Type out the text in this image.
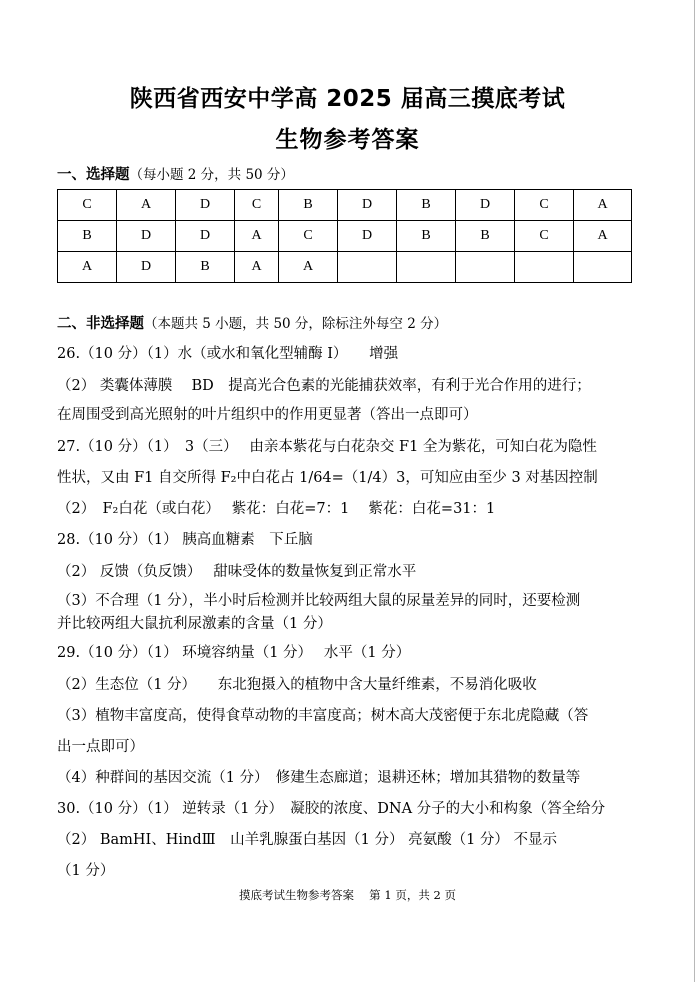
陕西省西安中学高 2025 届高三摸底考试
生物参考答案
一、选择题（每小题 2 分，共 50 分）
C	A	D	C	B	D	B	D	C	A
B	D	D	A	C	D	B	B	C	A
A	D	B	A	A					
二、非选择题（本题共 5 小题，共 50 分，除标注外每空 2 分）
26.（10 分）（1）水（或水和氧化型辅酶 I）　　增强
（2） 类囊体薄膜　 BD　提高光合色素的光能捕获效率，有利于光合作用的进行；
在周围受到高光照射的叶片组织中的作用更显著（答出一点即可）
27.（10 分）（1）　3（三）　 由亲本紫花与白花杂交 F1 全为紫花，可知白花为隐性
性状，又由 F1 自交所得 F₂中白花占 1/64=（1/4）3，可知应由至少 3 对基因控制
（2）　F₂白花（或白花）　 紫花：白花=7：1　 紫花：白花=31：1
28.（10 分）（1） 胰高血糖素　下丘脑
（2） 反馈（负反馈）　 甜味受体的数量恢复到正常水平
（3）不合理（1 分），半小时后检测并比较两组大鼠的尿量差异的同时，还要检测
并比较两组大鼠抗利尿激素的含量（1 分）
29.（10 分）（1） 环境容纳量（1 分）　 水平（1 分）
（2）生态位（1 分）　　东北狍摄入的植物中含大量纤维素，不易消化吸收
（3）植物丰富度高，使得食草动物的丰富度高；树木高大茂密便于东北虎隐藏（答
出一点即可）
（4）种群间的基因交流（1 分）　修建生态廊道；退耕还林；增加其猎物的数量等
30.（10 分）（1） 逆转录（1 分）　凝胶的浓度、DNA 分子的大小和构象（答全给分
（2） BamHⅠ、HindⅢ　山羊乳腺蛋白基因（1 分） 亮氨酸（1 分） 不显示
（1 分）
摸底考试生物参考答案　 第 1 页，共 2 页
